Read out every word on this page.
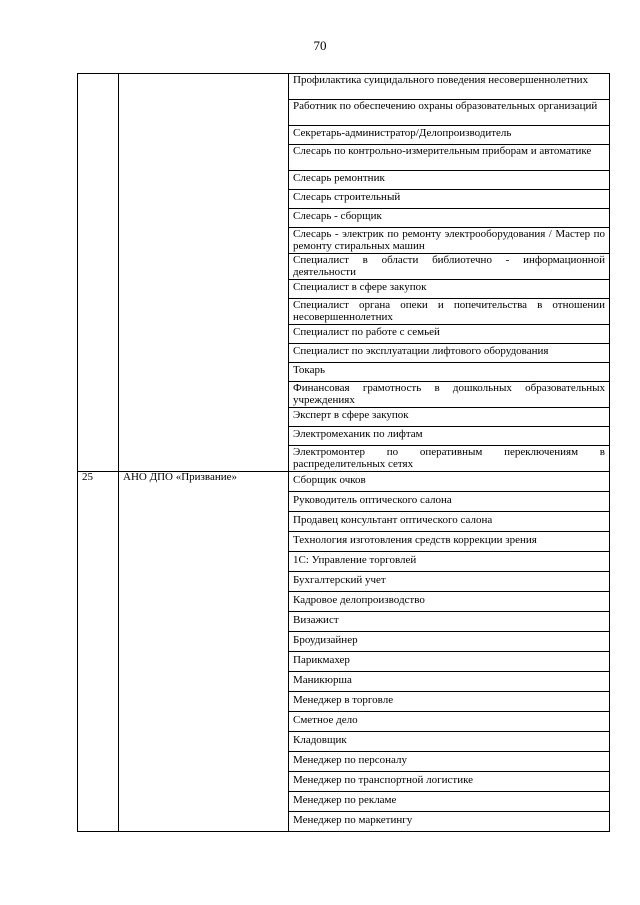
70
		Профилактика суицидального поведения несовершеннолетних
		Работник по обеспечению охраны образовательных организаций
		Секретарь-администратор/Делопроизводитель
		Слесарь по контрольно-измерительным приборам и автоматике
		Слесарь ремонтник
		Слесарь строительный
		Слесарь - сборщик
		Слесарь - электрик по ремонту электрооборудования / Мастер по ремонту стиральных машин
		Специалист в области библиотечно - информационной деятельности
		Специалист в сфере закупок
		Специалист органа опеки и попечительства в отношении несовершеннолетних
		Специалист по работе с семьей
		Специалист по эксплуатации лифтового оборудования
		Токарь
		Финансовая грамотность в дошкольных образовательных учреждениях
		Эксперт в сфере закупок
		Электромеханик по лифтам
		Электромонтер по оперативным переключениям в распределительных сетях
25	АНО ДПО «Призвание»	Сборщик очков
		Руководитель оптического салона
		Продавец консультант оптического салона
		Технология изготовления средств коррекции зрения
		1С: Управление торговлей
		Бухгалтерский учет
		Кадровое делопроизводство
		Визажист
		Броудизайнер
		Парикмахер
		Маникюрша
		Менеджер в торговле
		Сметное дело
		Кладовщик
		Менеджер по персоналу
		Менеджер по транспортной логистике
		Менеджер по рекламе
		Менеджер по маркетингу
